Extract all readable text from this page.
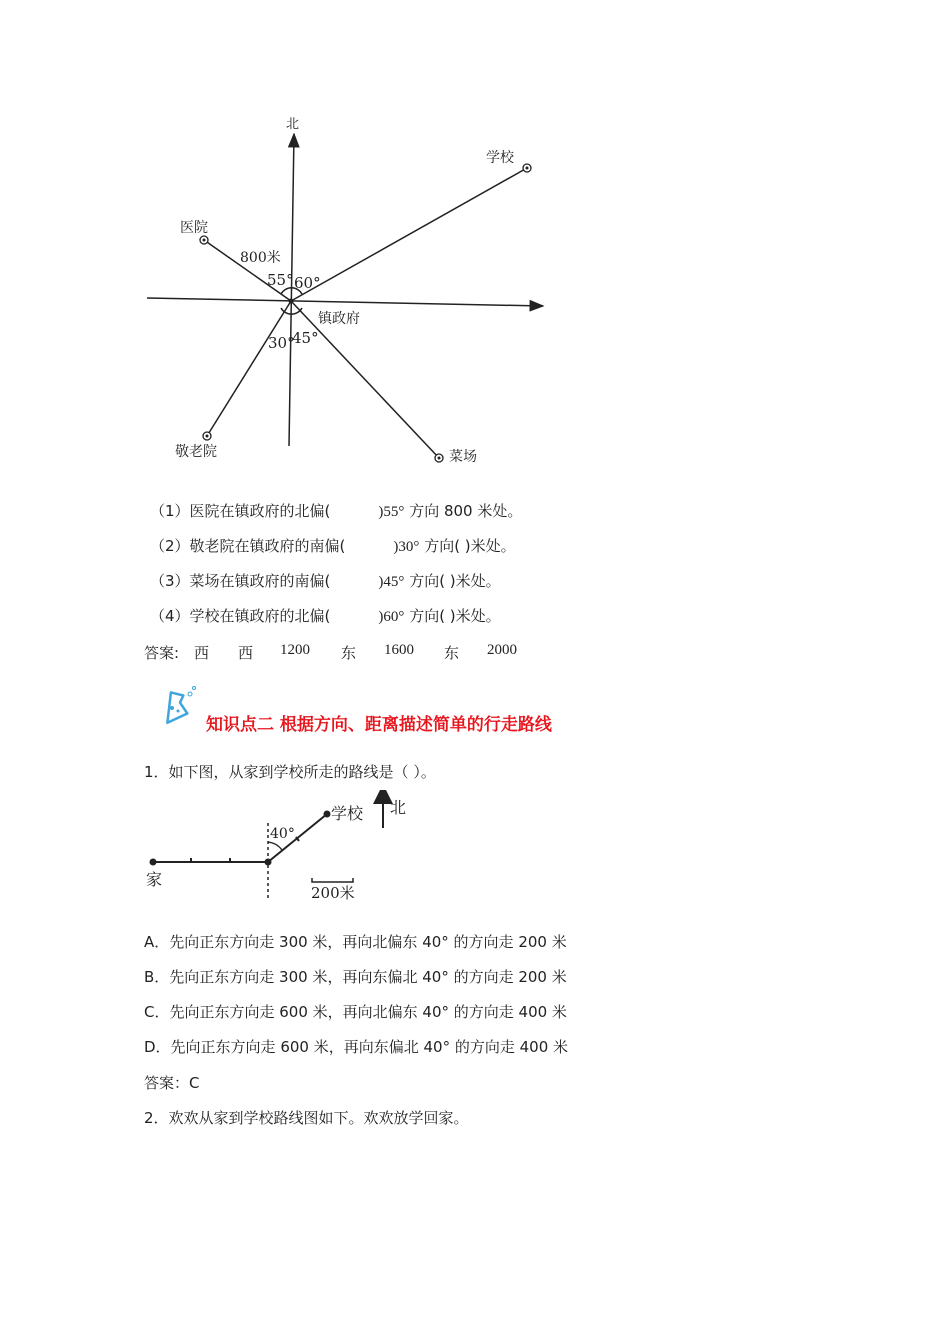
北
镇政府
医院
学校
敬老院	菜场
800米
55° 60°
30°
45°
（1）医院在镇政府的北偏(	)55° 方向 800 米处。
（2）敬老院在镇政府的南偏(	)30° 方向( )米处。
（3）菜场在镇政府的南偏(	)45° 方向( )米处。
（4）学校在镇政府的北偏(	)60° 方向( )米处。
答案: 西 西 1200 东 1600 东 2000
知识点二 根据方向、距离描述简单的行走路线
1．如下图，从家到学校所走的路线是（ ）。
家
学校 北
40°
200米
A．先向正东方向走 300 米，再向北偏东 40° 的方向走 200 米
B．先向正东方向走 300 米，再向东偏北 40° 的方向走 200 米
C．先向正东方向走 600 米，再向北偏东 40° 的方向走 400 米
D．先向正东方向走 600 米，再向东偏北 40° 的方向走 400 米
答案：C
2．欢欢从家到学校路线图如下。欢欢放学回家。
